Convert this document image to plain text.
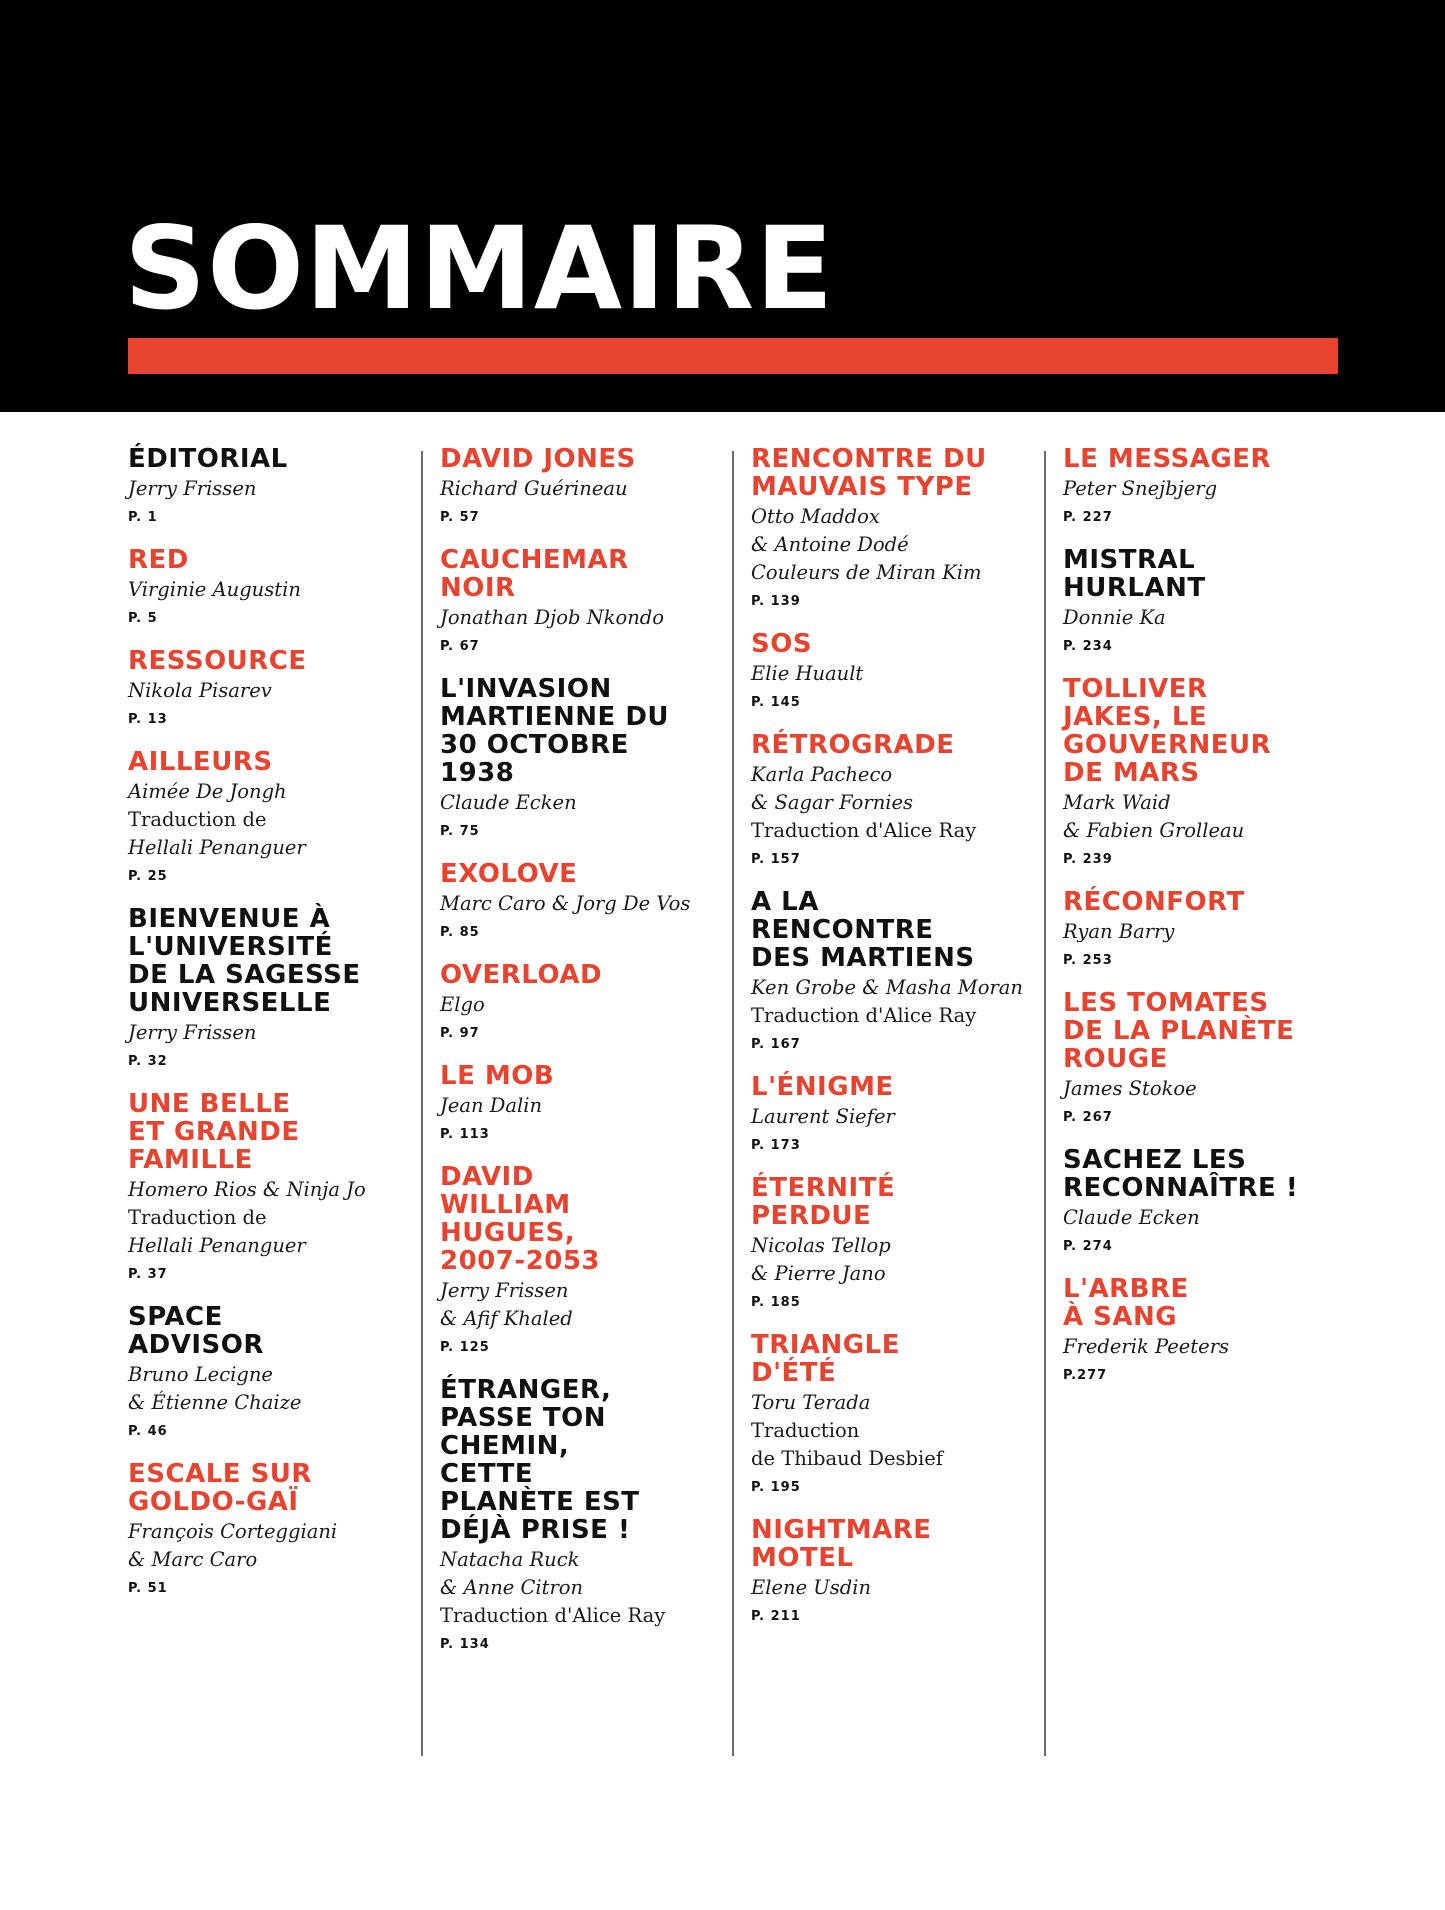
SOMMAIRE
ÉDITORIAL
Jerry Frissen
P. 1
RED
Virginie Augustin
P. 5
RESSOURCE
Nikola Pisarev
P. 13
AILLEURS
Aimée De Jongh
Traduction de
Hellali Penanguer
P. 25
BIENVENUE À
L'UNIVERSITÉ
DE LA SAGESSE
UNIVERSELLE
Jerry Frissen
P. 32
UNE BELLE
ET GRANDE
FAMILLE
Homero Rios & Ninja Jo
Traduction de
Hellali Penanguer
P. 37
SPACE
ADVISOR
Bruno Lecigne
& Étienne Chaize
P. 46
ESCALE SUR
GOLDO-GAÏ
François Corteggiani
& Marc Caro
P. 51
DAVID JONES
Richard Guérineau
P. 57
CAUCHEMAR
NOIR
Jonathan Djob Nkondo
P. 67
L'INVASION
MARTIENNE DU
30 OCTOBRE
1938
Claude Ecken
P. 75
EXOLOVE
Marc Caro & Jorg De Vos
P. 85
OVERLOAD
Elgo
P. 97
LE MOB
Jean Dalin
P. 113
DAVID
WILLIAM
HUGUES,
2007-2053
Jerry Frissen
& Afif Khaled
P. 125
ÉTRANGER,
PASSE TON
CHEMIN,
CETTE
PLANÈTE EST
DÉJÀ PRISE !
Natacha Ruck
& Anne Citron
Traduction d'Alice Ray
P. 134
RENCONTRE DU
MAUVAIS TYPE
Otto Maddox
& Antoine Dodé
Couleurs de Miran Kim
P. 139
SOS
Elie Huault
P. 145
RÉTROGRADE
Karla Pacheco
& Sagar Fornies
Traduction d'Alice Ray
P. 157
A LA
RENCONTRE
DES MARTIENS
Ken Grobe & Masha Moran
Traduction d'Alice Ray
P. 167
L'ÉNIGME
Laurent Siefer
P. 173
ÉTERNITÉ
PERDUE
Nicolas Tellop
& Pierre Jano
P. 185
TRIANGLE
D'ÉTÉ
Toru Terada
Traduction
de Thibaud Desbief
P. 195
NIGHTMARE
MOTEL
Elene Usdin
P. 211
LE MESSAGER
Peter Snejbjerg
P. 227
MISTRAL
HURLANT
Donnie Ka
P. 234
TOLLIVER
JAKES, LE
GOUVERNEUR
DE MARS
Mark Waid
& Fabien Grolleau
P. 239
RÉCONFORT
Ryan Barry
P. 253
LES TOMATES
DE LA PLANÈTE
ROUGE
James Stokoe
P. 267
SACHEZ LES
RECONNAÎTRE !
Claude Ecken
P. 274
L'ARBRE
À SANG
Frederik Peeters
P.277
